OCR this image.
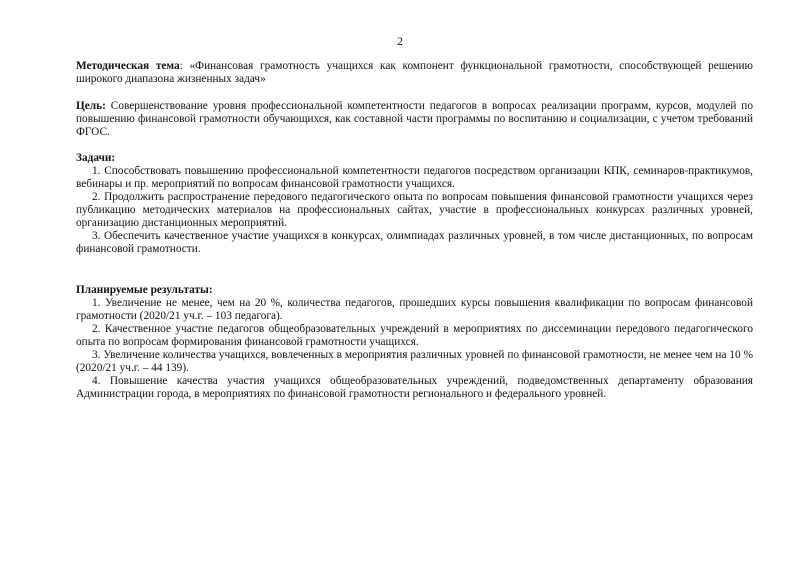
2
Методическая тема: «Финансовая грамотность учащихся как компонент функциональной грамотности, способствующей решению широкого диапазона жизненных задач»
Цель: Совершенствование уровня профессиональной компетентности педагогов в вопросах реализации программ, курсов, модулей по повышению финансовой грамотности обучающихся, как составной части программы по воспитанию и социализации, с учетом требований ФГОС.
Задачи:
1. Способствовать повышению профессиональной компетентности педагогов посредством организации КПК, семинаров-практикумов, вебинары и пр. мероприятий по вопросам финансовой грамотности учащихся.
2. Продолжить распространение передового педагогического опыта по вопросам повышения финансовой грамотности учащихся через публикацию методических материалов на профессиональных сайтах, участие в профессиональных конкурсах различных уровней, организацию дистанционных мероприятий.
3. Обеспечить качественное участие учащихся в конкурсах, олимпиадах различных уровней, в том числе дистанционных, по вопросам финансовой грамотности.
Планируемые результаты:
1. Увеличение не менее, чем на 20 %, количества педагогов, прошедших курсы повышения квалификации по вопросам финансовой грамотности (2020/21 уч.г. – 103 педагога).
2. Качественное участие педагогов общеобразовательных учреждений в мероприятиях по диссеминации передового педагогического опыта по вопросам формирования финансовой грамотности учащихся.
3. Увеличение количества учащихся, вовлеченных в мероприятия различных уровней по финансовой грамотности, не менее чем на 10 % (2020/21 уч.г. – 44 139).
4. Повышение качества участия учащихся общеобразовательных учреждений, подведомственных департаменту образования Администрации города, в мероприятиях по финансовой грамотности регионального и федерального уровней.
